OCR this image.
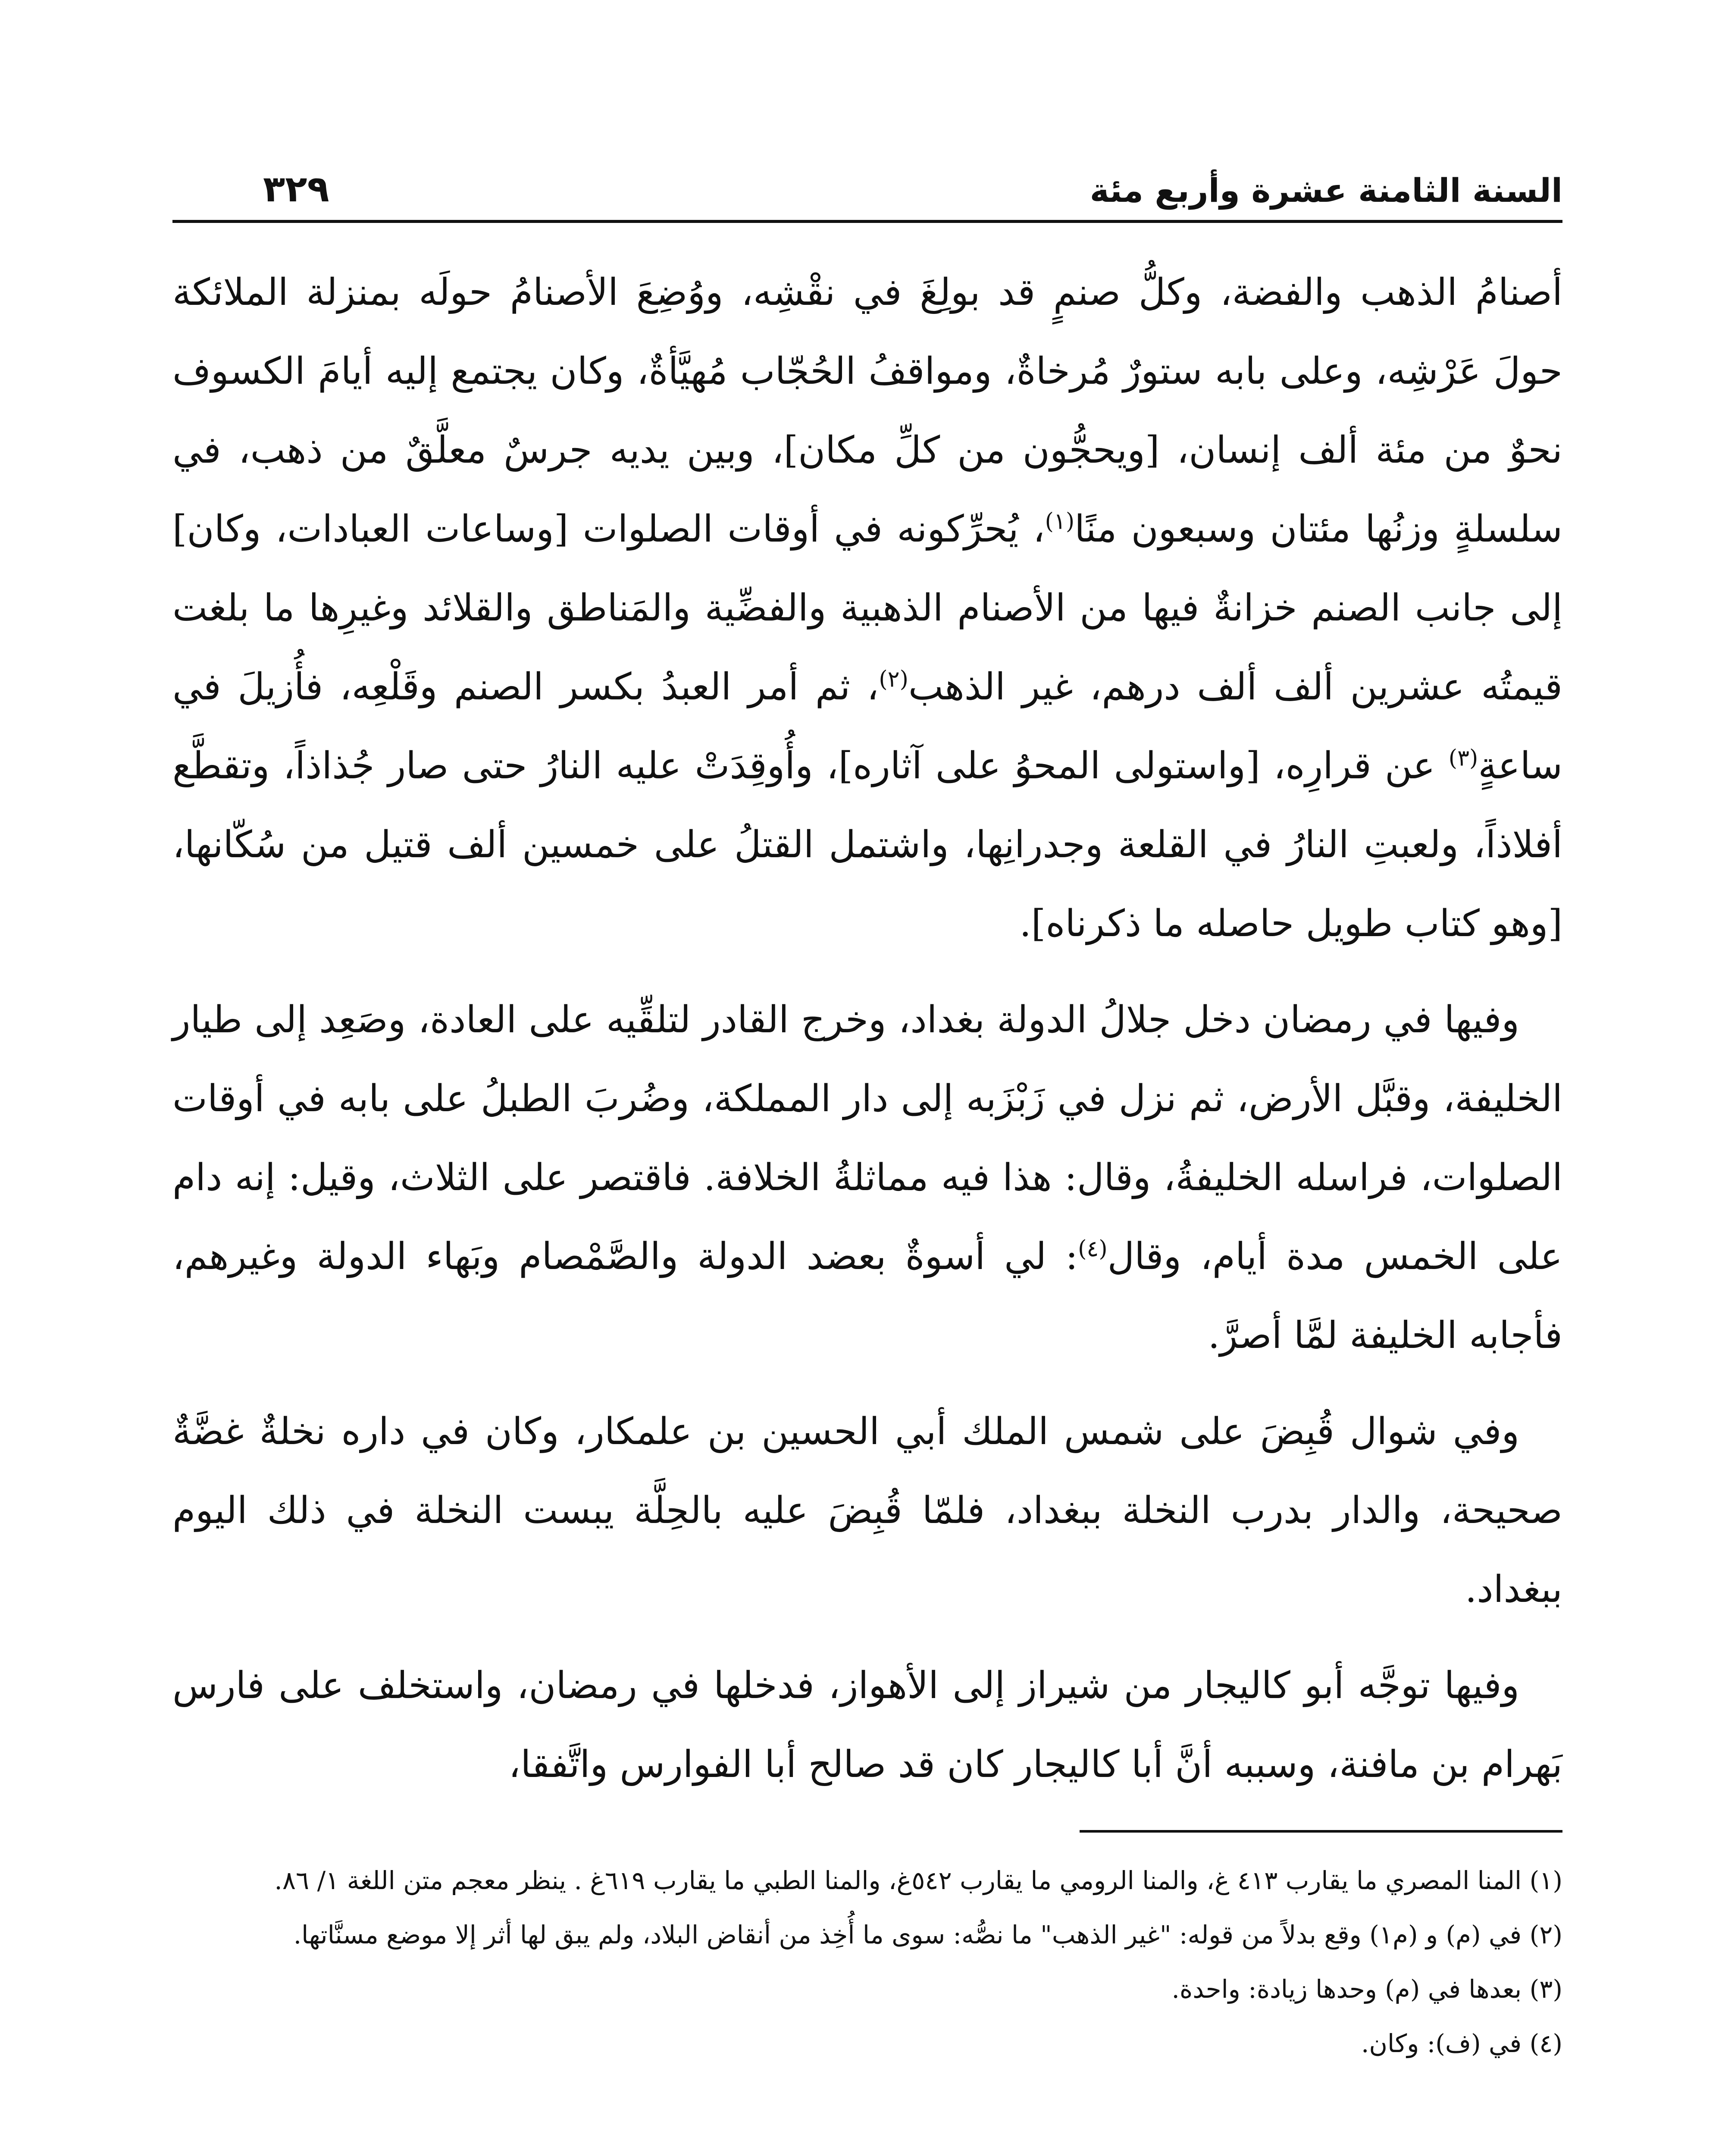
السنة الثامنة عشرة وأربع مئة
٣٢٩

أصنامُ الذهب والفضة، وكلُّ صنمٍ قد بولِغَ في نقْشِه، ووُضِعَ الأصنامُ حولَه بمنزلة الملائكة حولَ عَرْشِه، وعلى بابه ستورٌ مُرخاةٌ، ومواقفُ الحُجّاب مُهيَّأةٌ، وكان يجتمع إليه أيامَ الكسوف نحوٌ من مئة ألف إنسان، [ويحجُّون من كلِّ مكان]، وبين يديه جرسٌ معلَّقٌ من ذهب، في سلسلةٍ وزنُها مئتان وسبعون منًا$^{(١)}$، يُحرِّكونه في أوقات الصلوات [وساعات العبادات، وكان] إلى جانب الصنم خزانةٌ فيها من الأصنام الذهبية والفضِّية والمَناطق والقلائد وغيرِها ما بلغت قيمتُه عشرين ألف ألف درهم، غير الذهب$^{(٢)}$، ثم أمر العبدُ بكسر الصنم وقَلْعِه، فأُزيلَ في ساعةٍ$^{(٣)}$ عن قرارِه، [واستولى المحوُ على آثاره]، وأُوقِدَتْ عليه النارُ حتى صار جُذاذاً، وتقطَّع أفلاذاً، ولعبتِ النارُ في القلعة وجدرانِها، واشتمل القتلُ على خمسين ألف قتيل من سُكّانها، [وهو كتاب طويل حاصله ما ذكرناه].

وفيها في رمضان دخل جلالُ الدولة بغداد، وخرج القادر لتلقِّيه على العادة، وصَعِد إلى طيار الخليفة، وقبَّل الأرض، ثم نزل في زَبْزَبه إلى دار المملكة، وضُربَ الطبلُ على بابه في أوقات الصلوات، فراسله الخليفةُ، وقال: هذا فيه مماثلةُ الخلافة. فاقتصر على الثلاث، وقيل: إنه دام على الخمس مدة أيام، وقال$^{(٤)}$: لي أسوةٌ بعضد الدولة والصَّمْصام وبَهاء الدولة وغيرهم، فأجابه الخليفة لمَّا أصرَّ.

وفي شوال قُبِضَ على شمس الملك أبي الحسين بن علمكار، وكان في داره نخلةٌ غضَّةٌ صحيحة، والدار بدرب النخلة ببغداد، فلمّا قُبِضَ عليه بالحِلَّة يبست النخلة في ذلك اليوم ببغداد.

وفيها توجَّه أبو كاليجار من شيراز إلى الأهواز، فدخلها في رمضان، واستخلف على فارس بَهرام بن مافنة، وسببه أنَّ أبا كاليجار كان قد صالح أبا الفوارس واتَّفقا،

(١) المنا المصري ما يقارب ٤١٣ غ، والمنا الرومي ما يقارب ٥٤٢غ، والمنا الطبي ما يقارب ٦١٩غ . ينظر معجم متن اللغة ١/ ٨٦.

(٢) في (م) و (م١) وقع بدلاً من قوله: "غير الذهب" ما نصُّه: سوى ما أُخِذ من أنقاض البلاد، ولم يبق لها أثر إلا موضع مسنَّاتها.

(٣) بعدها في (م) وحدها زيادة: واحدة.

(٤) في (ف): وكان.
